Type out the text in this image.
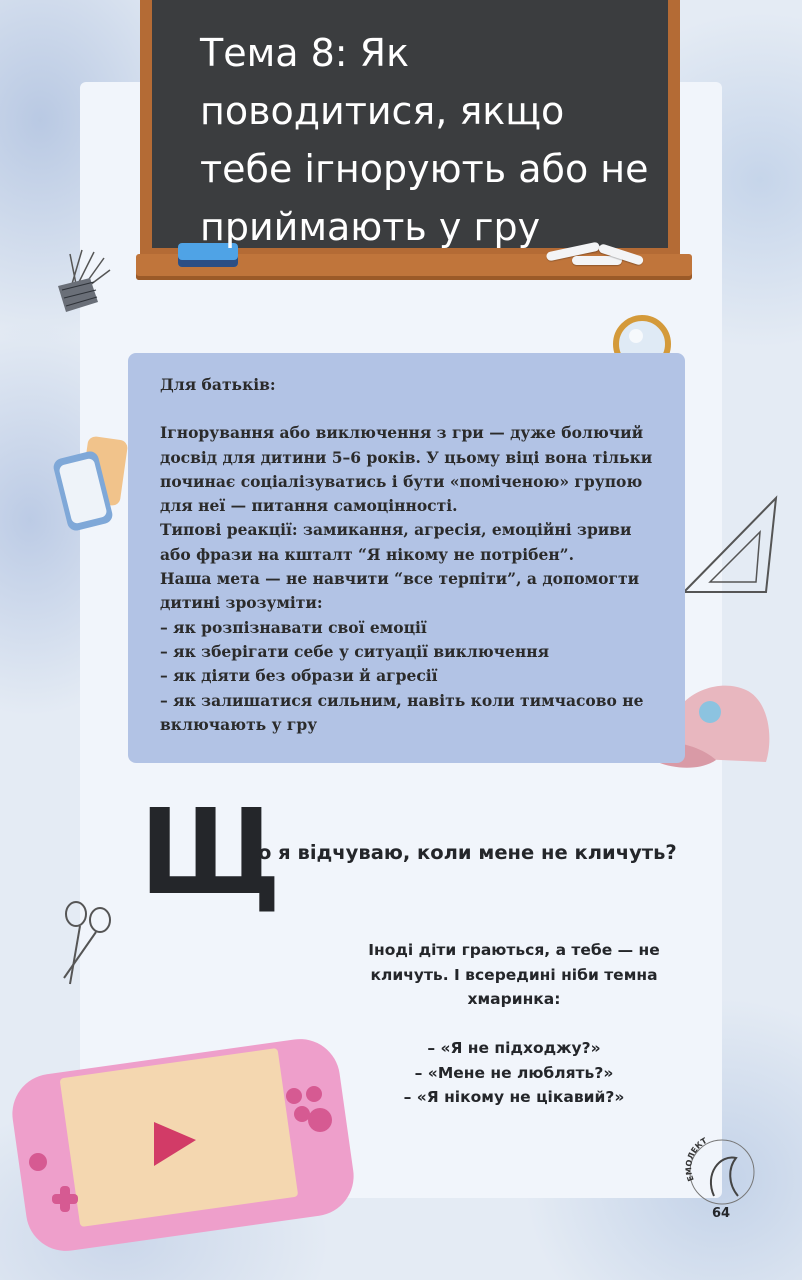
Тема 8: Як поводитися, якщо тебе ігнорують або не приймають у гру

Для батьків:

Ігнорування або виключення з гри — дуже болючий досвід для дитини 5–6 років. У цьому віці вона тільки починає соціалізуватись і бути «поміченою» групою для неї — питання самоцінності.

Типові реакції: замикання, агресія, емоційні зриви або фрази на кшталт “Я нікому не потрібен”.

Наша мета — не навчити “все терпіти”, а допомогти дитині зрозуміти:

– як розпізнавати свої емоції

– як зберігати себе у ситуації виключення

– як діяти без образи й агресії

– як залишатися сильним, навіть коли тимчасово не включають у гру

Щ
о я відчуваю, коли мене не кличуть?

Іноді діти граються, а тебе — не кличуть. І всередині ніби темна хмаринка:

– «Я не підходжу?»

– «Мене не люблять?»

– «Я нікому не цікавий?»

ЕМОЛЕКТ
64
